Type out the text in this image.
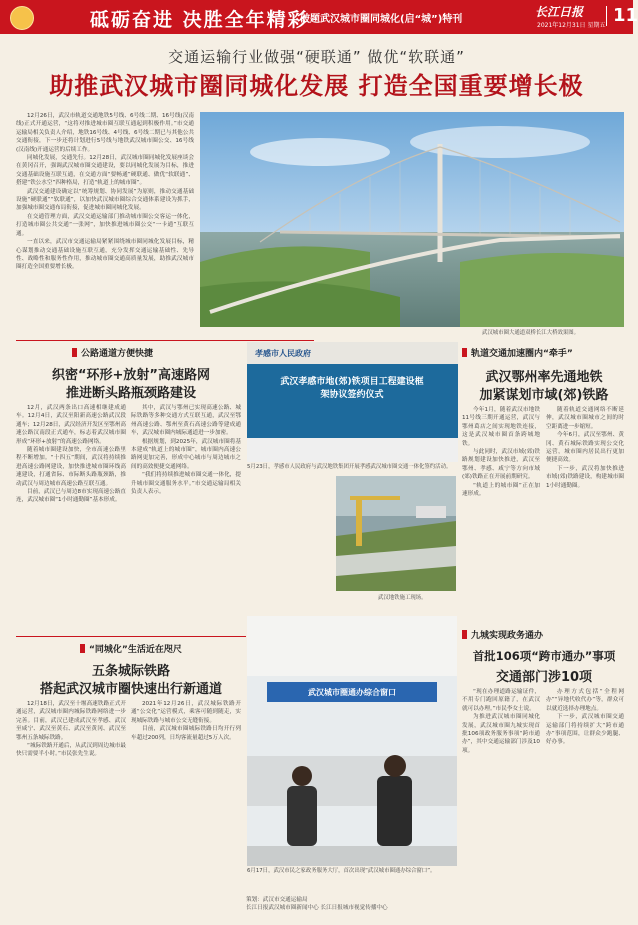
砥砺奋进 决胜全年精彩
破题武汉城市圈同城化(启“城”)特刊
长江日报
2021年12月31日 星期五 11
交通运输行业做强“硬联通” 做优“软联通”
助推武汉城市圈同城化发展 打造全国重要增长极

12月26日，武汉市轨道交通地铁5号线、6号线二期、16号线(汉南线)正式开通运营，“这将对推进城市圈互联互通起到积极作用。”市交通运输局相关负责人介绍，地铁16号线、4号线、6号线二期已与其他公共交通衔接，下一步还将计划进行5号线与地铁武汉城市圈公交、16号线(汉南线)开通运营的后续工作。

同城化发展，交通先行。12月28日，武汉城市圈同城化发展座谈会在黄冈召开，强调武汉城市圈交通建设，要以同城化发展为目标，推进交通基础设施互联互通，在交通方面“要畅通”硬联通、做优“软联通”、搭建“铁公水空”四种格局，打造“轨道上的城市圈”。

武汉交通建设确定以“统筹规划、协同发展”为原则，推动交通基础设施“硬联通”“软联通”，以加快武汉城市圈综合交通体系建设为抓手，加强城市圈交通布局衔接，促进城市圈同城化发展。

在交通管理方面，武汉交通运输部门推动城市圈公交客运一体化，打造城市圈公共交通“一张网”，加快推进城市圈公交“一卡通”互联互通。

一直以来，武汉市交通运输局紧紧围绕城市圈同城化发展目标，精心谋划推动交通基础设施互联互通，充分发挥交通运输基础性、先导性、战略性和服务性作用，推动城市圈交通高质量发展，助推武汉城市圈打造全国重要增长极。

武汉城市圈大通道双桥长江大桥效果图。
公路通道方便快捷
织密“环形+放射”高速路网
推进断头路瓶颈路建设

12月，武汉两条出口高速相继建成通车。12月4日，武汉至阳新高速公路武汉段通车；12月28日，武汉经济开发区至鄂州高速公路汉南段正式通车，标志着武汉城市圈形成“环形+放射”的高速公路网络。

随着城市圈建设加快，全市高速公路里程不断增加。“十四五”期间，武汉将持续推进高速公路网建设，加快推进城市圈环线高速建设，打通省际、市际断头路瓶颈路，推动武汉与周边城市高速公路互联互通。

目前，武汉已与周边8市实现高速公路直连，武汉城市圈“1小时通勤圈”基本形成。

其中，武汉与鄂州已实现高速公路、城际铁路等多种交通方式互联互通，武汉至鄂州高速公路、鄂州至黄石高速公路等建成通车，武汉城市圈内城际通道进一步加密。

根据规划，到2025年，武汉城市圈将基本建成“轨道上的城市圈”，城市圈内高速公路网更加完善，形成中心城市与周边城市之间的高效便捷交通网络。

“我们将持续推进城市圈交通一体化，提升城市圈交通服务水平。”市交通运输局相关负责人表示。

孝感市人民政府
武汉孝感市地(郊)铁项目工程建设框架协议签约仪式
5月23日，孝感市人民政府与武汉地铁集团开展孝感武汉城市圈交通一体化签约活动。
轨道交通加速圈内“牵手”
武汉鄂州率先通地铁
加紧谋划市域(郊)铁路

今年1月，随着武汉市地铁11号线三期开通运营，武汉与鄂州葛店之间实现地铁连接，这是武汉城市圈首条跨城地铁。

与此同时，武汉市域(郊)铁路规划建设加快推进，武汉至鄂州、孝感、咸宁等方向市域(郊)铁路正在开展前期研究。

“轨道上的城市圈”正在加速形成。

随着轨道交通网络不断延伸，武汉城市圈城市之间的时空距离进一步缩短。

今年6月，武汉至鄂州、黄冈、黄石城际铁路实现公交化运营，城市圈内居民出行更加便捷高效。

下一步，武汉将加快推进市域(郊)铁路建设，构建城市圈1小时通勤圈。

武汉地铁施工现场。
“同城化”生活近在咫尺
五条城际铁路
搭起武汉城市圈快速出行新通道

12月18日，武汉至十堰高速铁路正式开通运营，武汉城市圈内城际铁路网络进一步完善。目前，武汉已建成武汉至孝感、武汉至咸宁、武汉至黄石、武汉至黄冈、武汉至鄂州五条城际铁路。

“城际铁路开通后，从武汉到周边城市最快只需要半小时。”市民张先生说。

2021年12月26日，武汉城际铁路开通“公交化”运营模式，乘客可随到随走，实现城际铁路与城市公交无缝衔接。

目前，武汉城市圈城际铁路日均开行列车超过200列，日均客流量超过5万人次。

武汉城市圈通办综合窗口
6月17日，武汉市民之家政务服务大厅，首次出现“武汉城市圈通办综合窗口”。
九城实现政务通办
首批106项“跨市通办”事项
交通部门涉10项

“现在办理道路运输证件，不用专门跑回原籍了，在武汉就可以办理。”市民李女士说。

为推进武汉城市圈同城化发展，武汉城市圈九城实现首批106项政务服务事项“跨市通办”，其中交通运输部门涉及10项。

办理方式包括“全程网办”“异地代收代办”等，群众可以就近选择办理地点。

下一步，武汉城市圈交通运输部门将持续扩大“跨市通办”事项范围，让群众少跑腿、好办事。

策划：武汉市交通运输局
长江日报武汉城市圈新闻中心 长江日报城市视觉传播中心
